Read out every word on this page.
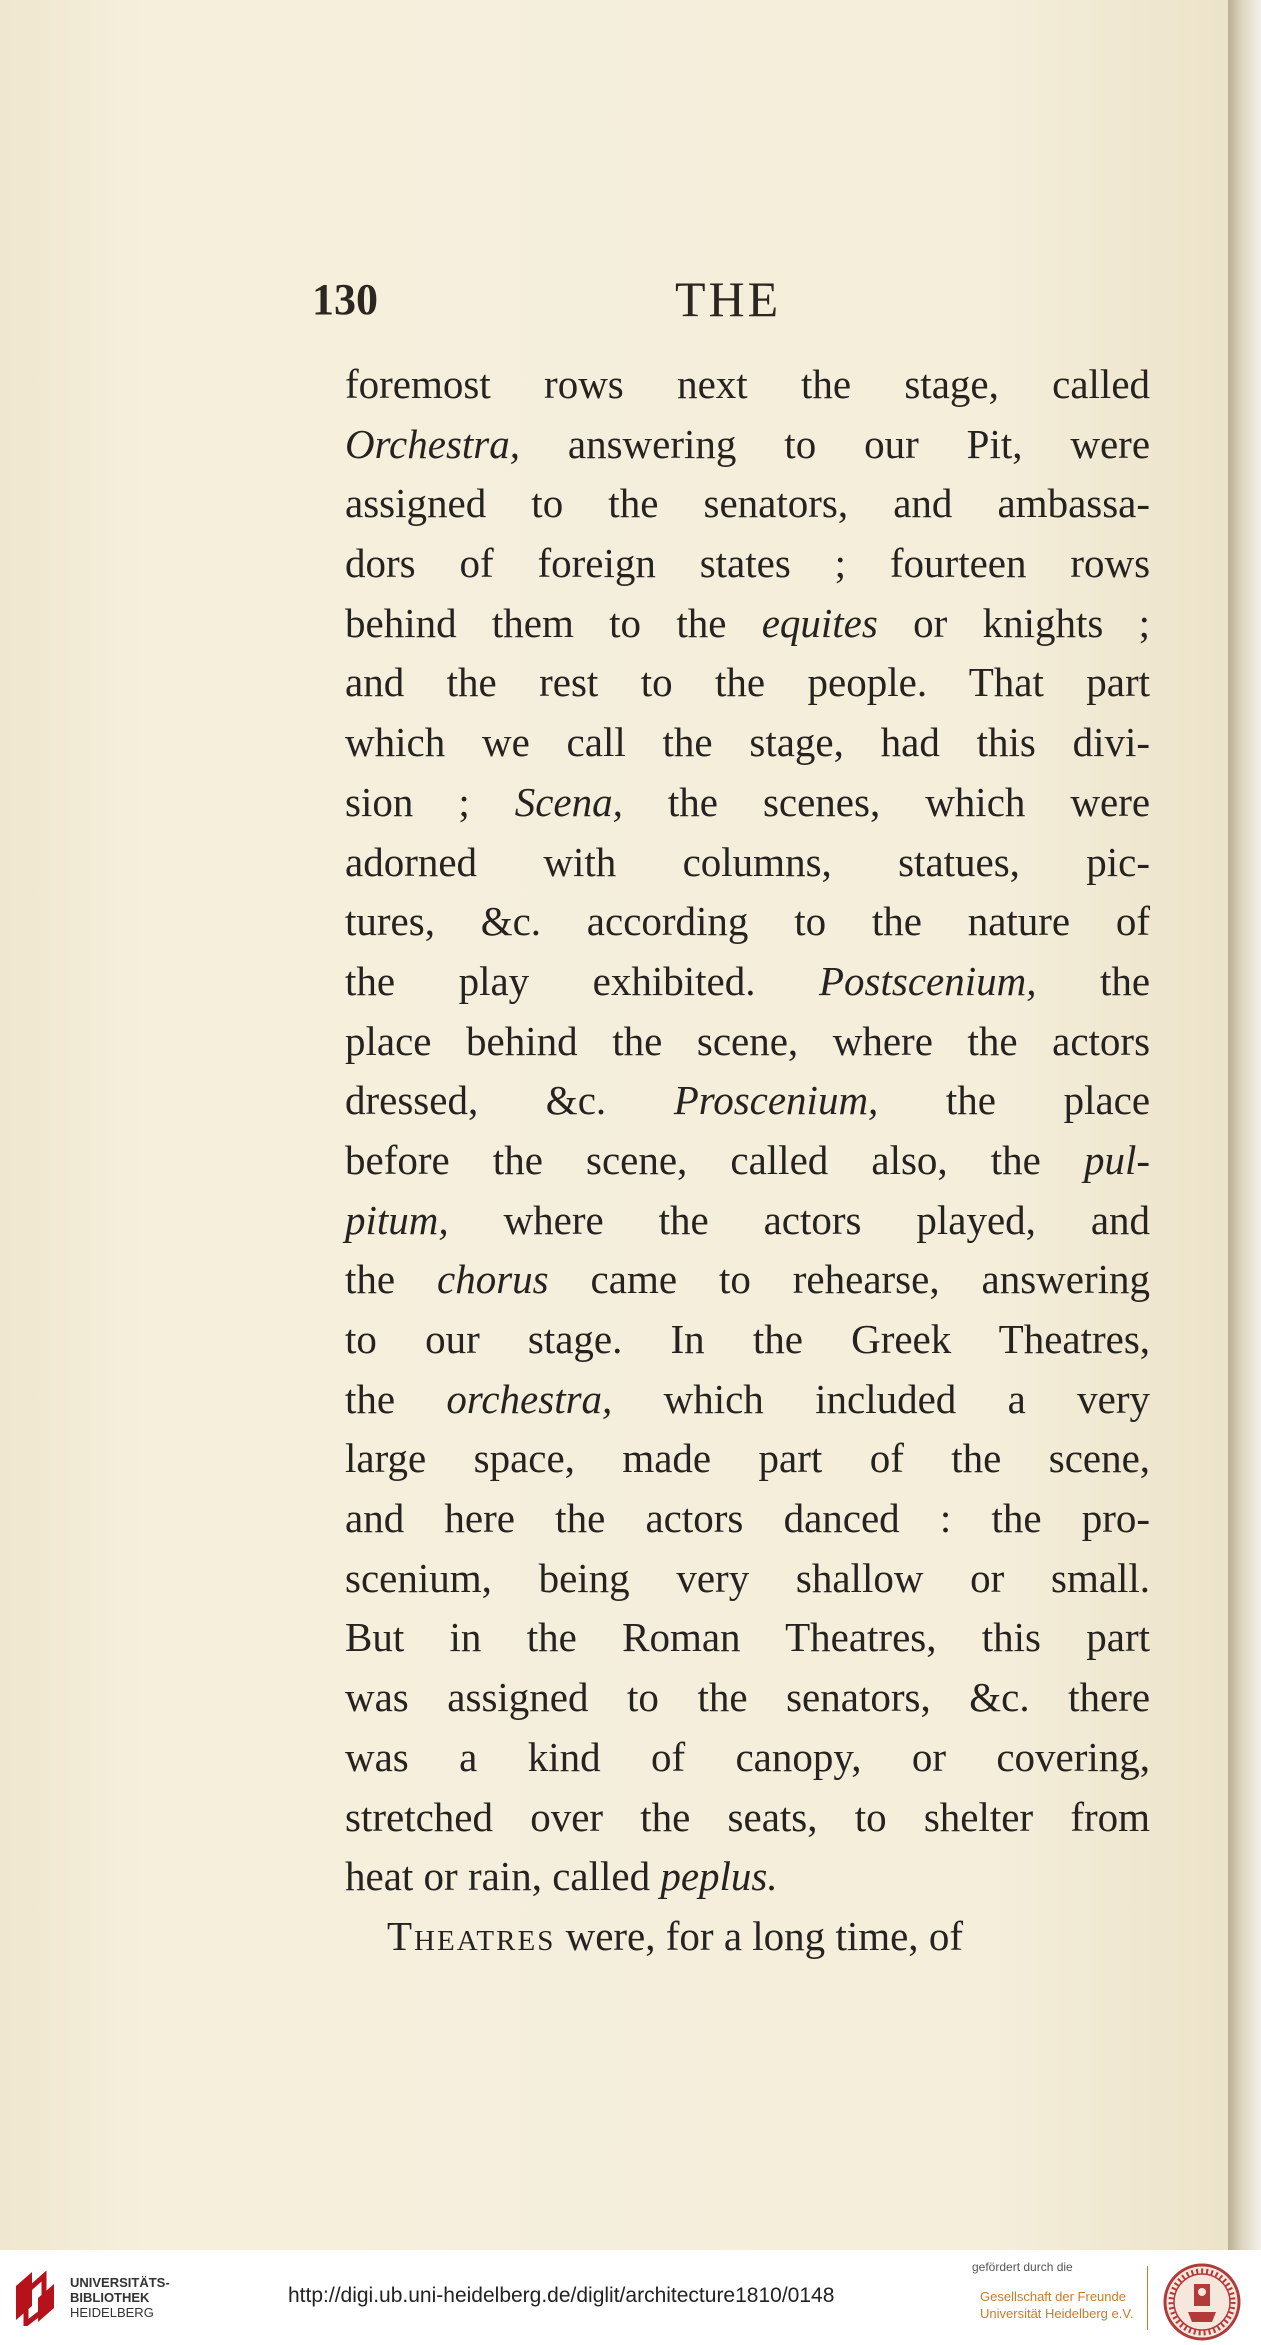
130	THE
foremost rows next the stage, called
Orchestra, answering to our Pit, were
assigned to the senators, and ambassa-
dors of foreign states ; fourteen rows
behind them to the equites or knights ;
and the rest to the people. That part
which we call the stage, had this divi-
sion ; Scena, the scenes, which were
adorned with columns, statues, pic-
tures, &c. according to the nature of
the play exhibited. Postscenium, the
place behind the scene, where the actors
dressed, &c. Proscenium, the place
before the scene, called also, the pul-
pitum, where the actors played, and
the chorus came to rehearse, answering
to our stage. In the Greek Theatres,
the orchestra, which included a very
large space, made part of the scene,
and here the actors danced : the pro-
scenium, being very shallow or small.
But in the Roman Theatres, this part
was assigned to the senators, &c. there
was a kind of canopy, or covering,
stretched over the seats, to shelter from
heat or rain, called peplus.
Theatres were, for a long time, of
UNIVERSITÄTS-
BIBLIOTHEK
HEIDELBERG
http://digi.ub.uni-heidelberg.de/diglit/architecture1810/0148
gefördert durch die
Gesellschaft der Freunde
Universität Heidelberg e.V.
